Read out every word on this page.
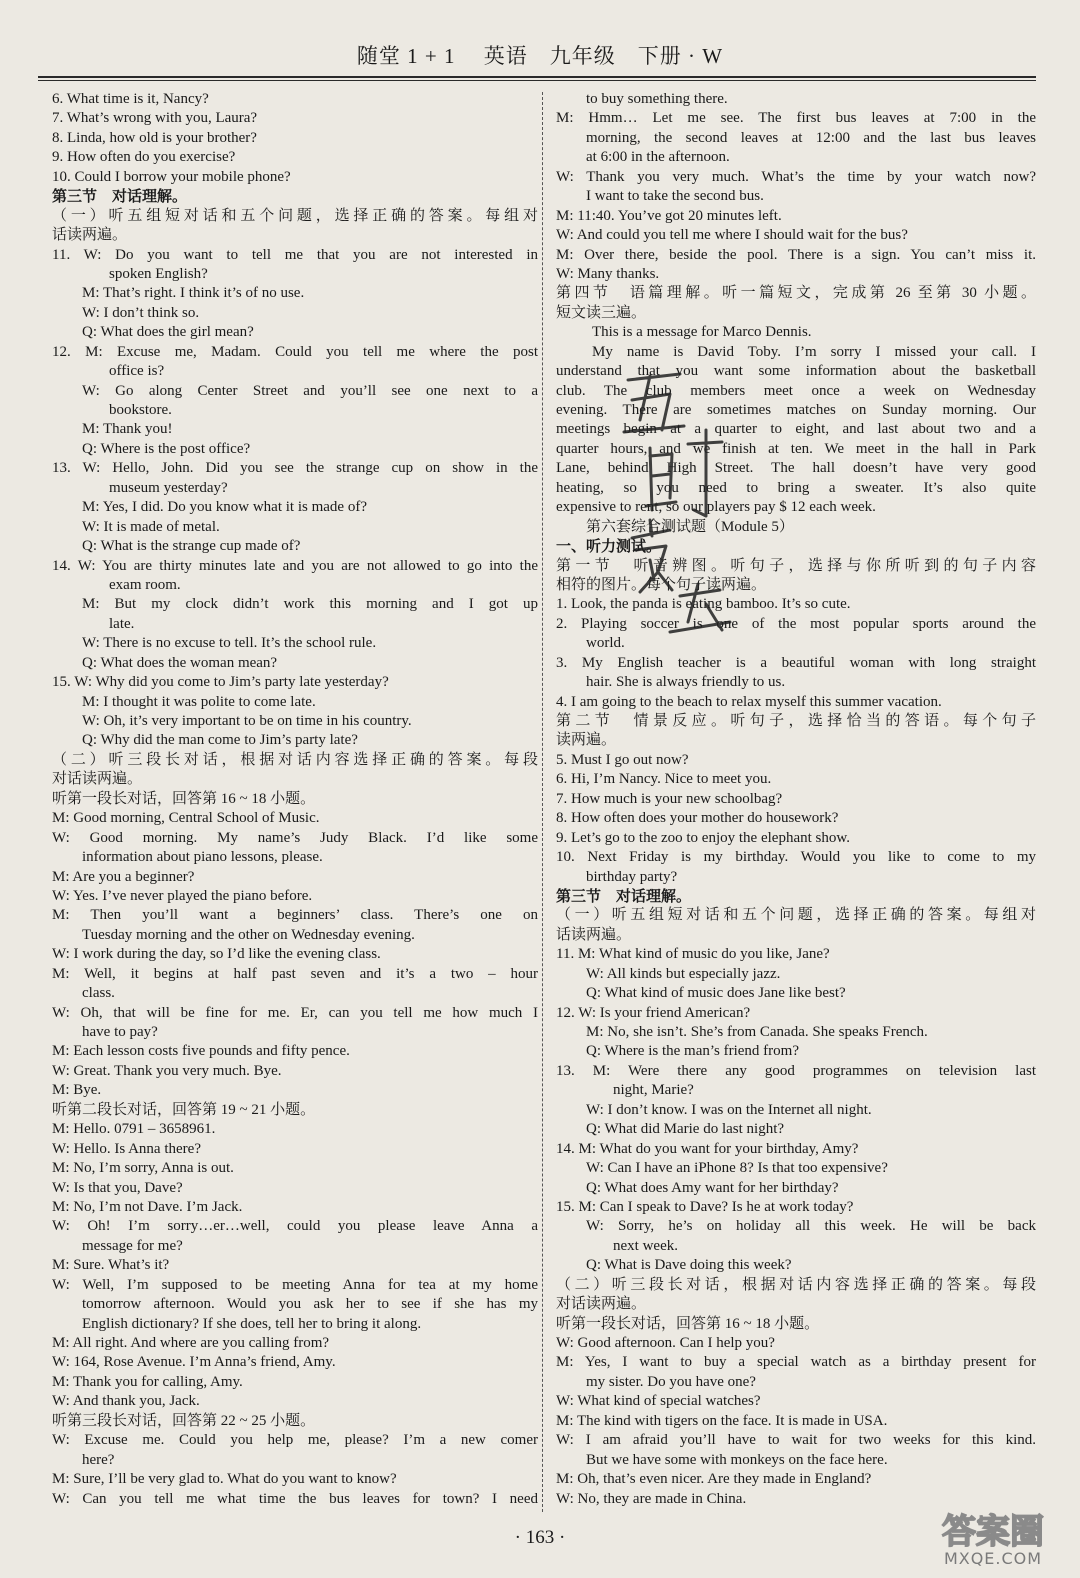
随堂 1 + 1　 英语　九年级　下册 · W
6. What time is it, Nancy?
7. What’s wrong with you, Laura?
8. Linda, how old is your brother?
9. How often do you exercise?
10. Could I borrow your mobile phone?
第三节　对话理解。
（一）听五组短对话和五个问题，选择正确的答案。每组对
话读两遍。
11. W: Do you want to tell me that you are not interested in
spoken English?
M: That’s right. I think it’s of no use.
W: I don’t think so.
Q: What does the girl mean?
12. M: Excuse me, Madam. Could you tell me where the post
office is?
W: Go along Center Street and you’ll see one next to a
bookstore.
M: Thank you!
Q: Where is the post office?
13. W: Hello, John. Did you see the strange cup on show in the
museum yesterday?
M: Yes, I did. Do you know what it is made of?
W: It is made of metal.
Q: What is the strange cup made of?
14. W: You are thirty minutes late and you are not allowed to go into the
exam room.
M: But my clock didn’t work this morning and I got up
late.
W: There is no excuse to tell. It’s the school rule.
Q: What does the woman mean?
15. W: Why did you come to Jim’s party late yesterday?
M: I thought it was polite to come late.
W: Oh, it’s very important to be on time in his country.
Q: Why did the man come to Jim’s party late?
（二）听三段长对话，根据对话内容选择正确的答案。每段
对话读两遍。
听第一段长对话，回答第 16 ~ 18 小题。
M: Good morning, Central School of Music.
W: Good morning. My name’s Judy Black. I’d like some
information about piano lessons, please.
M: Are you a beginner?
W: Yes. I’ve never played the piano before.
M: Then you’ll want a beginners’ class. There’s one on
Tuesday morning and the other on Wednesday evening.
W: I work during the day, so I’d like the evening class.
M: Well, it begins at half past seven and it’s a two – hour
class.
W: Oh, that will be fine for me. Er, can you tell me how much I
have to pay?
M: Each lesson costs five pounds and fifty pence.
W: Great. Thank you very much. Bye.
M: Bye.
听第二段长对话，回答第 19 ~ 21 小题。
M: Hello. 0791 – 3658961.
W: Hello. Is Anna there?
M: No, I’m sorry, Anna is out.
W: Is that you, Dave?
M: No, I’m not Dave. I’m Jack.
W: Oh! I’m sorry…er…well, could you please leave Anna a
message for me?
M: Sure. What’s it?
W: Well, I’m supposed to be meeting Anna for tea at my home
tomorrow afternoon. Would you ask her to see if she has my
English dictionary? If she does, tell her to bring it along.
M: All right. And where are you calling from?
W: 164, Rose Avenue. I’m Anna’s friend, Amy.
M: Thank you for calling, Amy.
W: And thank you, Jack.
听第三段长对话，回答第 22 ~ 25 小题。
W: Excuse me. Could you help me, please? I’m a new comer
here?
M: Sure, I’ll be very glad to. What do you want to know?
W: Can you tell me what time the bus leaves for town? I need
to buy something there.
M: Hmm… Let me see. The first bus leaves at 7:00 in the
morning, the second leaves at 12:00 and the last bus leaves
at 6:00 in the afternoon.
W: Thank you very much. What’s the time by your watch now?
I want to take the second bus.
M: 11:40. You’ve got 20 minutes left.
W: And could you tell me where I should wait for the bus?
M: Over there, beside the pool. There is a sign. You can’t miss it.
W: Many thanks.
第四节　语篇理解。听一篇短文，完成第 26 至第 30 小题。
短文读三遍。
This is a message for Marco Dennis.
My name is David Toby. I’m sorry I missed your call. I
understand that you want some information about the basketball
club. The club members meet once a week on Wednesday
evening. There are sometimes matches on Sunday morning. Our
meetings begin at a quarter to eight, and last about two and a
quarter hours, and we finish at ten. We meet in the hall in Park
Lane, behind High Street. The hall doesn’t have very good
heating, so you need to bring a sweater. It’s also quite
expensive to rent, so our players pay $ 12 each week.
第六套综合测试题（Module 5）
一、听力测试。
第一节　听音辨图。听句子，选择与你所听到的句子内容
相符的图片。每个句子读两遍。
1. Look, the panda is eating bamboo. It’s so cute.
2. Playing soccer is one of the most popular sports around the
world.
3. My English teacher is a beautiful woman with long straight
hair. She is always friendly to us.
4. I am going to the beach to relax myself this summer vacation.
第二节　情景反应。听句子，选择恰当的答语。每个句子
读两遍。
5. Must I go out now?
6. Hi, I’m Nancy. Nice to meet you.
7. How much is your new schoolbag?
8. How often does your mother do housework?
9. Let’s go to the zoo to enjoy the elephant show.
10. Next Friday is my birthday. Would you like to come to my
birthday party?
第三节　对话理解。
（一）听五组短对话和五个问题，选择正确的答案。每组对
话读两遍。
11. M: What kind of music do you like, Jane?
W: All kinds but especially jazz.
Q: What kind of music does Jane like best?
12. W: Is your friend American?
M: No, she isn’t. She’s from Canada. She speaks French.
Q: Where is the man’s friend from?
13. M: Were there any good programmes on television last
night, Marie?
W: I don’t know. I was on the Internet all night.
Q: What did Marie do last night?
14. M: What do you want for your birthday, Amy?
W: Can I have an iPhone 8? Is that too expensive?
Q: What does Amy want for her birthday?
15. M: Can I speak to Dave? Is he at work today?
W: Sorry, he’s on holiday all this week. He will be back
next week.
Q: What is Dave doing this week?
（二）听三段长对话，根据对话内容选择正确的答案。每段
对话读两遍。
听第一段长对话，回答第 16 ~ 18 小题。
W: Good afternoon. Can I help you?
M: Yes, I want to buy a special watch as a birthday present for
my sister. Do you have one?
W: What kind of special watches?
M: The kind with tigers on the face. It is made in USA.
W: I am afraid you’ll have to wait for two weeks for this kind.
But we have some with monkeys on the face here.
M: Oh, that’s even nicer. Are they made in England?
W: No, they are made in China.
· 163 ·	答案圈
MXQE.COM
